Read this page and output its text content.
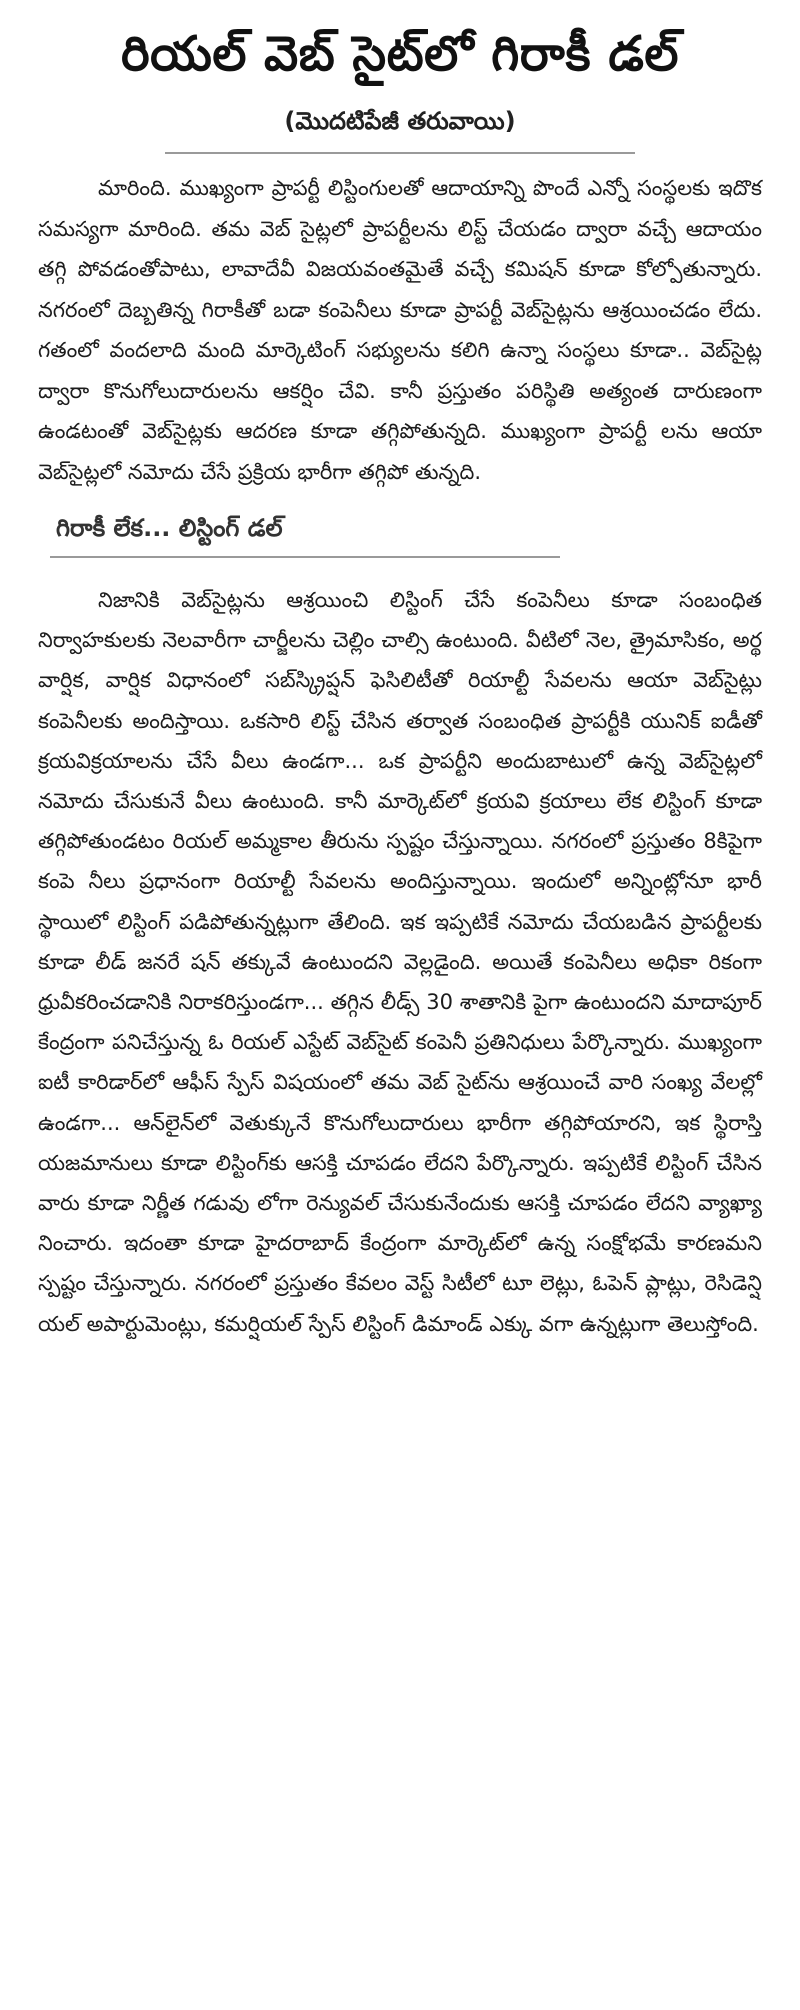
రియల్ వెబ్ సైట్‌లో గిరాకీ డల్
(మొదటిపేజీ తరువాయి)

మారింది. ముఖ్యంగా ప్రాపర్టీ లిస్టింగులతో ఆదాయాన్ని పొందే ఎన్నో సంస్థలకు ఇదొక సమస్యగా మారింది. తమ వెబ్ సైట్లలో ప్రాపర్టీలను లిస్ట్ చేయడం ద్వారా వచ్చే ఆదాయం తగ్గి పోవడంతోపాటు, లావాదేవీ విజయవంతమైతే వచ్చే కమిషన్ కూడా కోల్పోతున్నారు. నగరంలో దెబ్బతిన్న గిరాకీతో బడా కంపెనీలు కూడా ప్రాపర్టీ వెబ్‌సైట్లను ఆశ్రయించడం లేదు. గతంలో వందలాది మంది మార్కెటింగ్ సభ్యులను కలిగి ఉన్నా సంస్థలు కూడా.. వెబ్‌సైట్ల ద్వారా కొనుగోలుదారులను ఆకర్షిం చేవి. కానీ ప్రస్తుతం పరిస్థితి అత్యంత దారుణంగా ఉండటంతో వెబ్‌సైట్లకు ఆదరణ కూడా తగ్గిపోతున్నది. ముఖ్యంగా ప్రాపర్టీ లను ఆయా వెబ్‌సైట్లలో నమోదు చేసే ప్రక్రియ భారీగా తగ్గిపో తున్నది.

గిరాకీ లేక... లిస్టింగ్ డల్

నిజానికి వెబ్‌సైట్లను ఆశ్రయించి లిస్టింగ్ చేసే కంపెనీలు కూడా సంబంధిత నిర్వాహకులకు నెలవారీగా చార్జీలను చెల్లిం చాల్సి ఉంటుంది. వీటిలో నెల, త్రైమాసికం, అర్థ వార్షిక, వార్షిక విధానంలో సబ్‌స్క్రిప్షన్ ఫెసిలిటీతో రియాల్టీ సేవలను ఆయా వెబ్‌సైట్లు కంపెనీలకు అందిస్తాయి. ఒకసారి లిస్ట్ చేసిన తర్వాత సంబంధిత ప్రాపర్టీకి యునిక్ ఐడీతో క్రయవిక్రయాలను చేసే వీలు ఉండగా... ఒక ప్రాపర్టీని అందుబాటులో ఉన్న వెబ్‌సైట్లలో నమోదు చేసుకునే వీలు ఉంటుంది. కానీ మార్కెట్‌లో క్రయవి క్రయాలు లేక లిస్టింగ్ కూడా తగ్గిపోతుండటం రియల్ అమ్మకాల తీరును స్పష్టం చేస్తున్నాయి. నగరంలో ప్రస్తుతం 8కిపైగా కంపె నీలు ప్రధానంగా రియాల్టీ సేవలను అందిస్తున్నాయి. ఇందులో అన్నింట్లోనూ భారీ స్థాయిలో లిస్టింగ్ పడిపోతున్నట్లుగా తేలింది. ఇక ఇప్పటికే నమోదు చేయబడిన ప్రాపర్టీలకు కూడా లీడ్ జనరే షన్ తక్కువే ఉంటుందని వెల్లడైంది. అయితే కంపెనీలు అధికా రికంగా ధ్రువీకరించడానికి నిరాకరిస్తుండగా... తగ్గిన లీడ్స్ 30 శాతానికి పైగా ఉంటుందని మాదాపూర్ కేంద్రంగా పనిచేస్తున్న ఓ రియల్ ఎస్టేట్ వెబ్‌సైట్ కంపెనీ ప్రతినిధులు పేర్కొన్నారు. ముఖ్యంగా ఐటీ కారిడార్‌లో ఆఫీస్ స్పేస్ విషయంలో తమ వెబ్ సైట్‌ను ఆశ్రయించే వారి సంఖ్య వేలల్లో ఉండగా... ఆన్‌లైన్‌లో వెతుక్కునే కొనుగోలుదారులు భారీగా తగ్గిపోయారని, ఇక స్థిరాస్తి యజమానులు కూడా లిస్టింగ్‌కు ఆసక్తి చూపడం లేదని పేర్కొన్నారు. ఇప్పటికే లిస్టింగ్ చేసిన వారు కూడా నిర్ణీత గడువు లోగా రెన్యువల్ చేసుకునేందుకు ఆసక్తి చూపడం లేదని వ్యాఖ్యా నించారు. ఇదంతా కూడా హైదరాబాద్ కేంద్రంగా మార్కెట్‌లో ఉన్న సంక్షోభమే కారణమని స్పష్టం చేస్తున్నారు. నగరంలో ప్రస్తుతం కేవలం వెస్ట్ సిటీలో టూ లెట్లు, ఓపెన్ ప్లాట్లు, రెసిడెన్షి యల్ అపార్టుమెంట్లు, కమర్షియల్ స్పేస్ లిస్టింగ్ డిమాండ్ ఎక్కు వగా ఉన్నట్లుగా తెలుస్తోంది.
